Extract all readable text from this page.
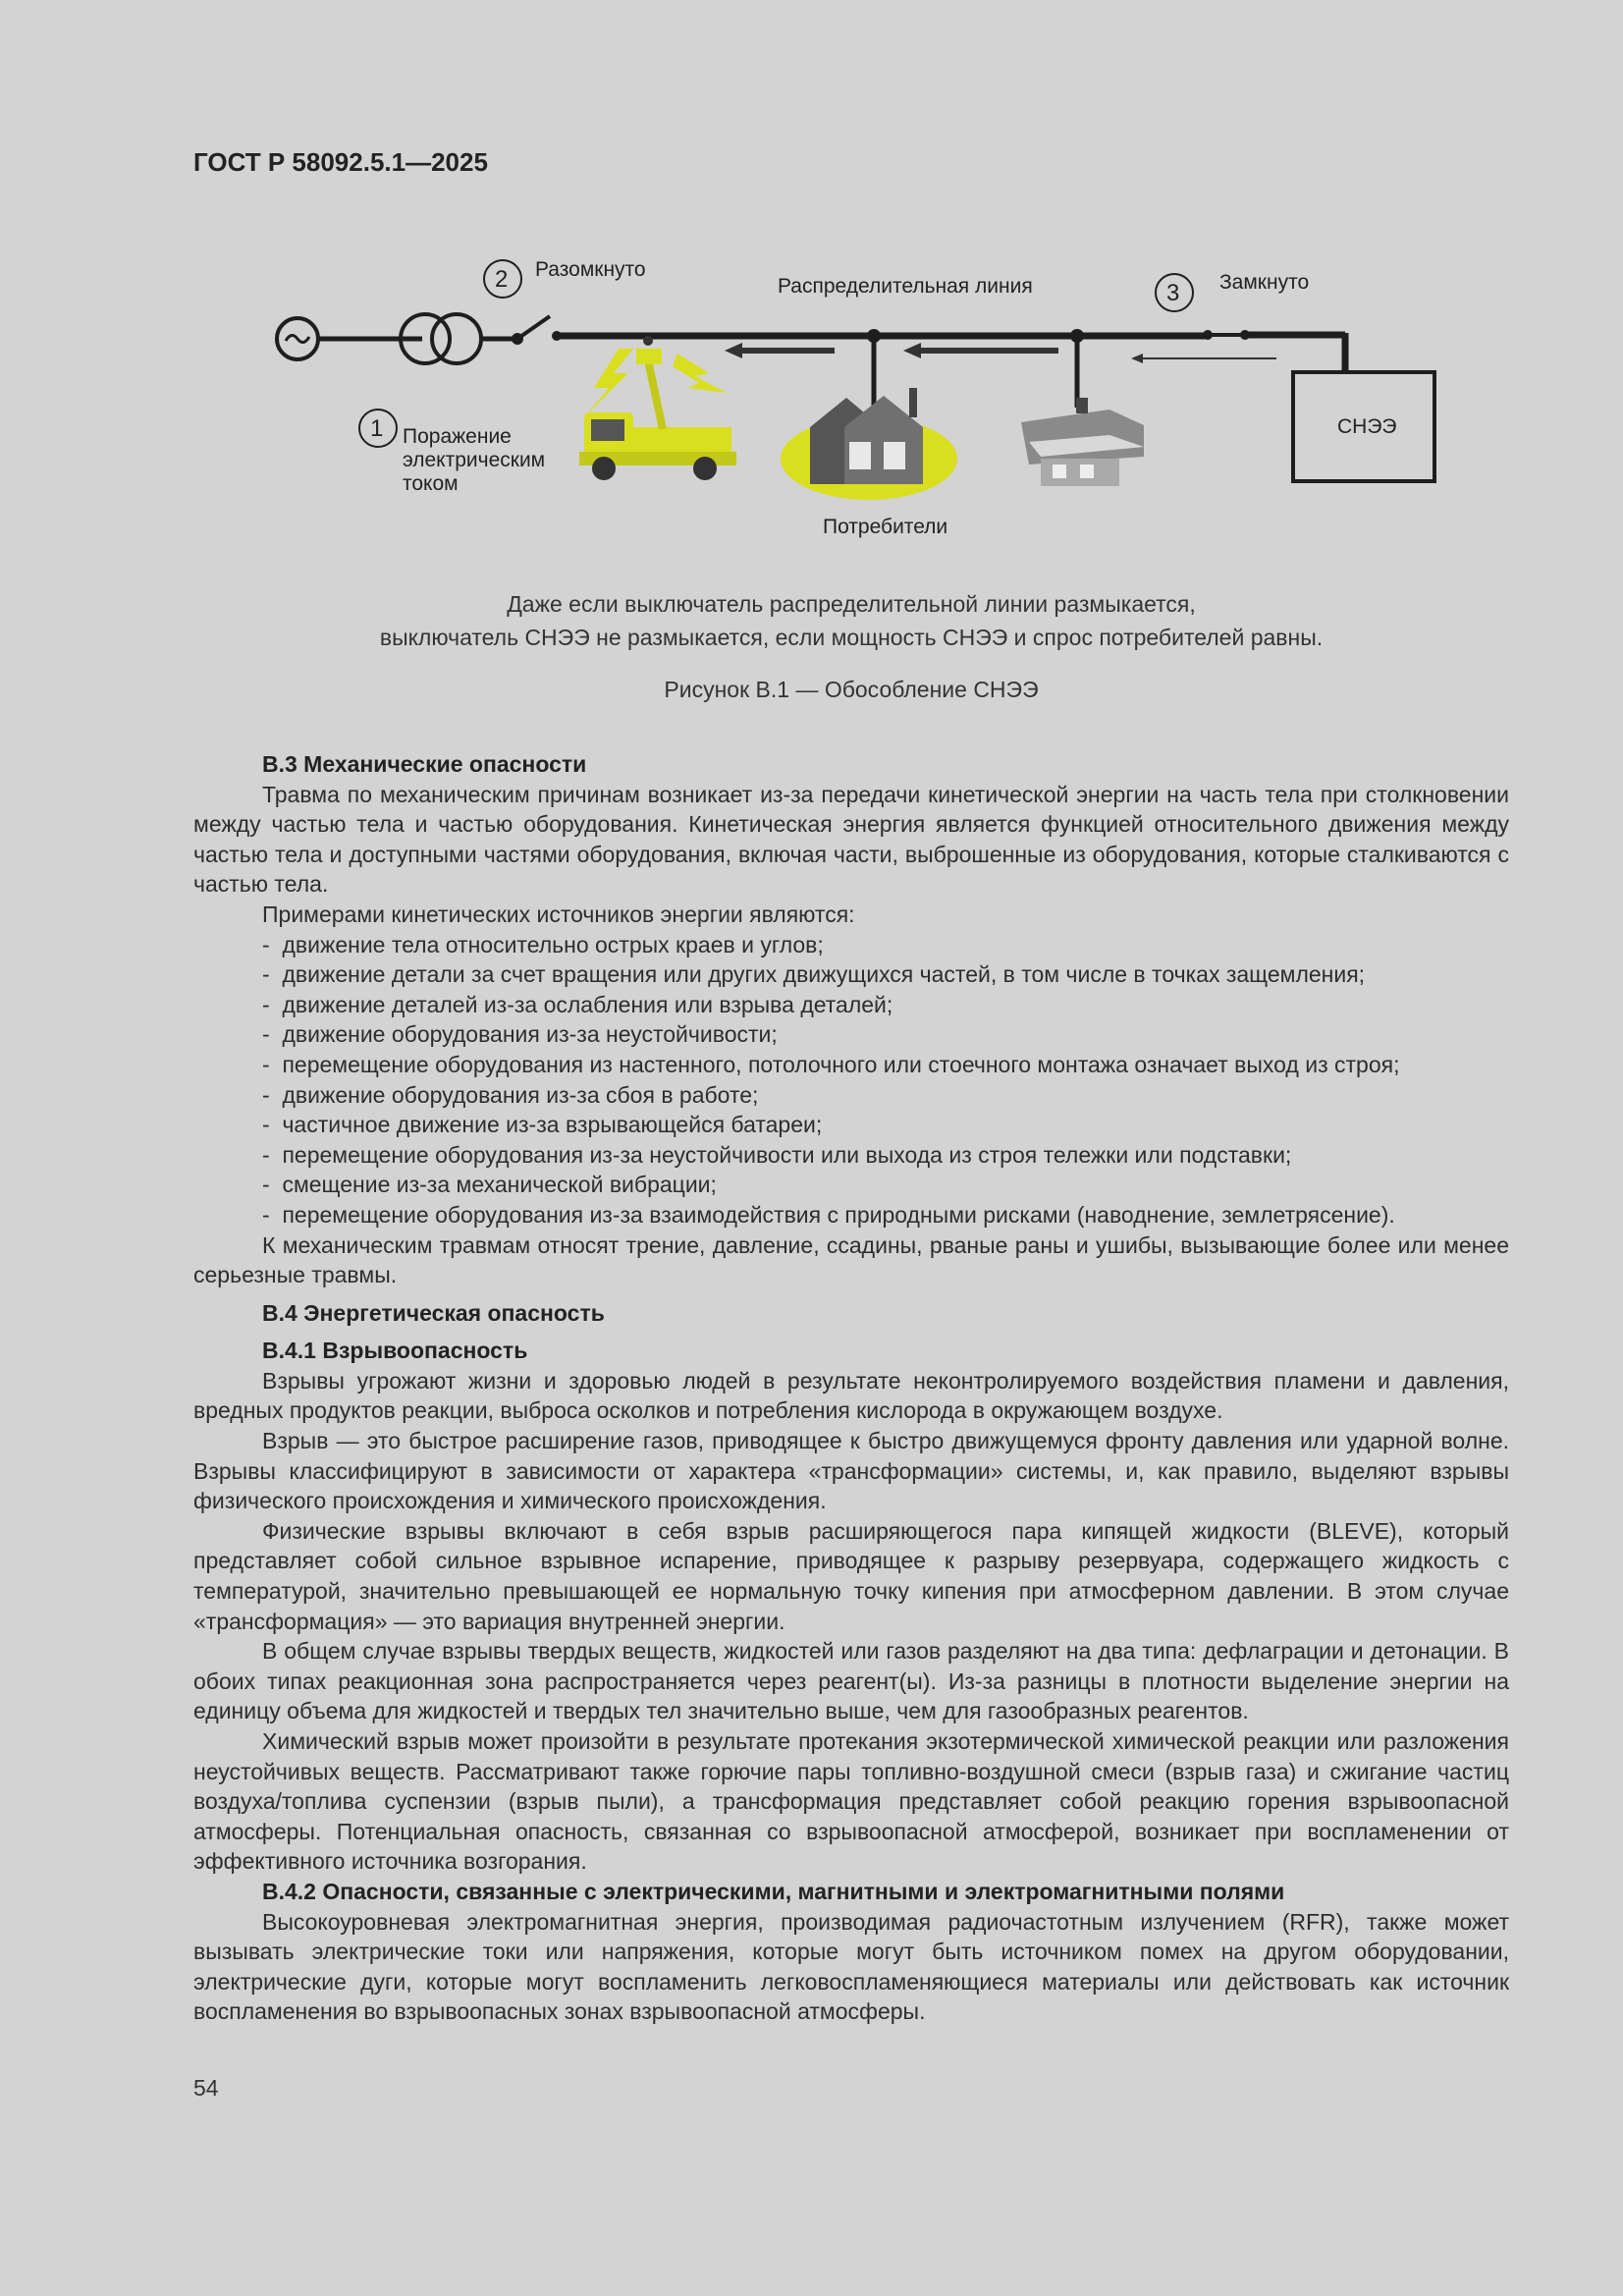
ГОСТ Р 58092.5.1—2025
1
2
3
Разомкнуто
Распределительная линия	Замкнуто
Поражение
электрическим
током
Потребители
СНЭЭ
Даже если выключатель распределительной линии размыкается,
выключатель СНЭЭ не размыкается, если мощность СНЭЭ и спрос потребителей равны.
Рисунок В.1 — Обособление СНЭЭ
В.3 Механические опасности

Травма по механическим причинам возникает из-за передачи кинетической энергии на часть тела при столкновении между частью тела и частью оборудования. Кинетическая энергия является функцией относительного движения между частью тела и доступными частями оборудования, включая части, выброшенные из оборудования, которые сталкиваются с частью тела.

Примерами кинетических источников энергии являются:

-  движение тела относительно острых краев и углов;
-  движение детали за счет вращения или других движущихся частей, в том числе в точках защемления;
-  движение деталей из-за ослабления или взрыва деталей;
-  движение оборудования из-за неустойчивости;
-  перемещение оборудования из настенного, потолочного или стоечного монтажа означает выход из строя;
-  движение оборудования из-за сбоя в работе;
-  частичное движение из-за взрывающейся батареи;
-  перемещение оборудования из-за неустойчивости или выхода из строя тележки или подставки;
-  смещение из-за механической вибрации;
-  перемещение оборудования из-за взаимодействия с природными рисками (наводнение, землетрясение).

К механическим травмам относят трение, давление, ссадины, рваные раны и ушибы, вызывающие более или менее серьезные травмы.

В.4 Энергетическая опасность
В.4.1 Взрывоопасность

Взрывы угрожают жизни и здоровью людей в результате неконтролируемого воздействия пламени и давления, вредных продуктов реакции, выброса осколков и потребления кислорода в окружающем воздухе.

Взрыв — это быстрое расширение газов, приводящее к быстро движущемуся фронту давления или ударной волне. Взрывы классифицируют в зависимости от характера «трансформации» системы, и, как правило, выделяют взрывы физического происхождения и химического происхождения.

Физические взрывы включают в себя взрыв расширяющегося пара кипящей жидкости (BLEVE), который представляет собой сильное взрывное испарение, приводящее к разрыву резервуара, содержащего жидкость с температурой, значительно превышающей ее нормальную точку кипения при атмосферном давлении. В этом случае «трансформация» — это вариация внутренней энергии.

В общем случае взрывы твердых веществ, жидкостей или газов разделяют на два типа: дефлаграции и детонации. В обоих типах реакционная зона распространяется через реагент(ы). Из-за разницы в плотности выделение энергии на единицу объема для жидкостей и твердых тел значительно выше, чем для газообразных реагентов.

Химический взрыв может произойти в результате протекания экзотермической химической реакции или разложения неустойчивых веществ. Рассматривают также горючие пары топливно-воздушной смеси (взрыв газа) и сжигание частиц воздуха/топлива суспензии (взрыв пыли), а трансформация представляет собой реакцию горения взрывоопасной атмосферы. Потенциальная опасность, связанная со взрывоопасной атмосферой, возникает при воспламенении от эффективного источника возгорания.

В.4.2 Опасности, связанные с электрическими, магнитными и электромагнитными полями

Высокоуровневая электромагнитная энергия, производимая радиочастотным излучением (RFR), также может вызывать электрические токи или напряжения, которые могут быть источником помех на другом оборудовании, электрические дуги, которые могут воспламенить легковоспламеняющиеся материалы или действовать как источник воспламенения во взрывоопасных зонах взрывоопасной атмосферы.

54
